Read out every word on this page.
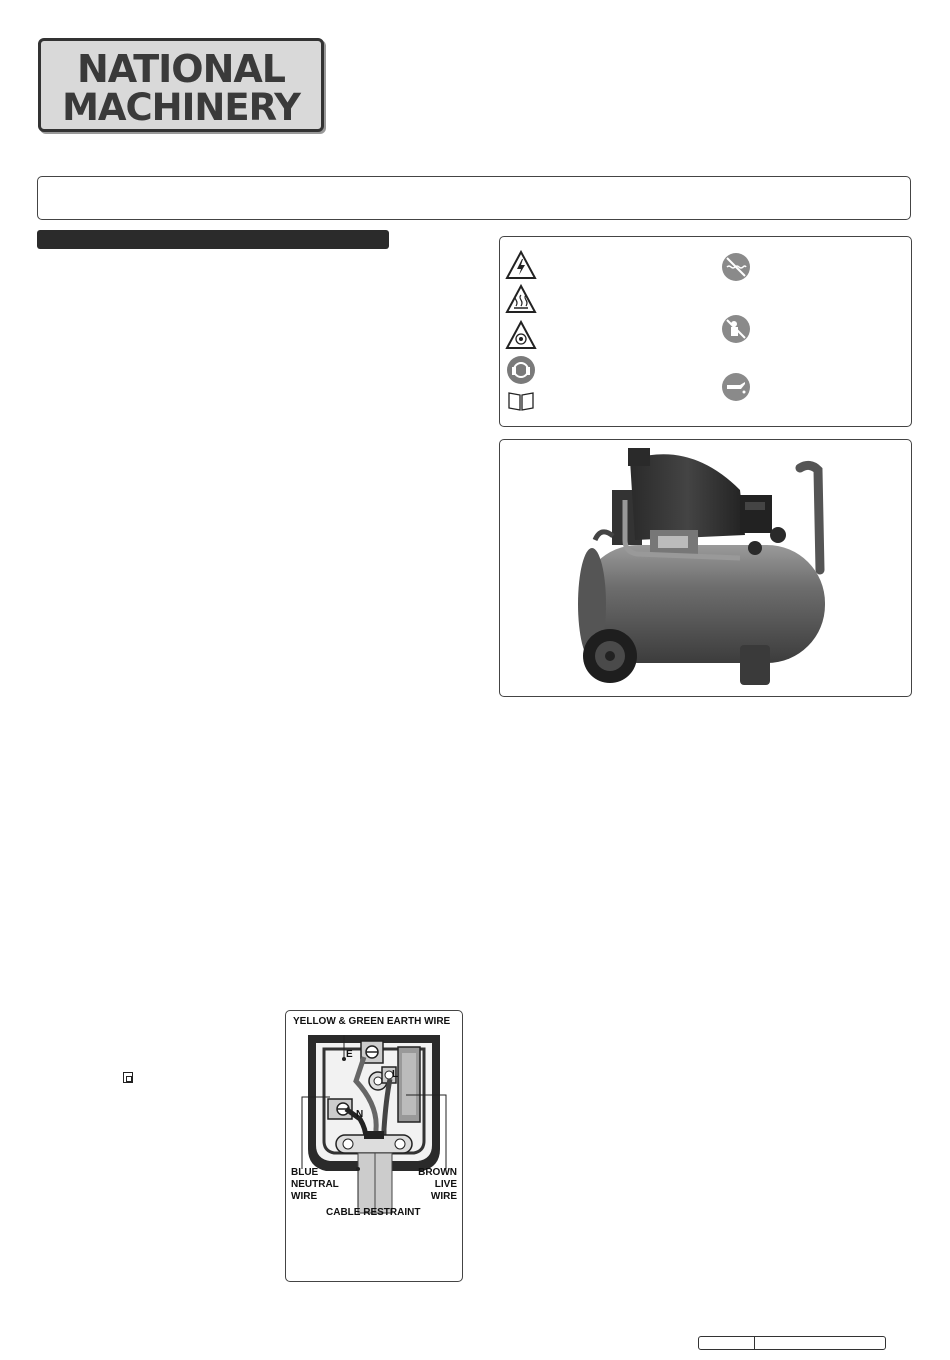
NATIONAL
MACHINERY
YELLOW & GREEN EARTH WIRE
E
L
N
BLUE
NEUTRAL
WIRE
BROWN
LIVE
WIRE
CABLE RESTRAINT
